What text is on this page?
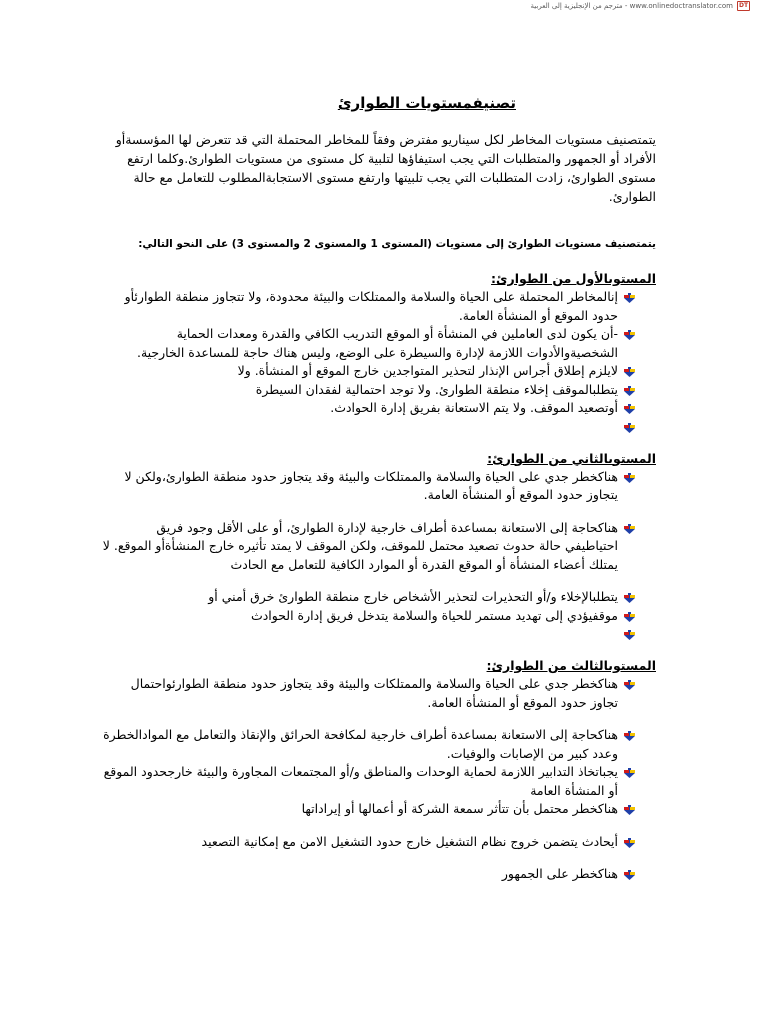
DT
www.onlinedoctranslator.com - مترجم من الإنجليزية إلى العربية
تصنيفمستويات الطوارئ

يتمتصنيف مستويات المخاطر لكل سيناريو مفترض وفقاً للمخاطر المحتملة التي قد تتعرض لها المؤسسةأو الأفراد أو الجمهور والمتطلبات التي يجب استيفاؤها لتلبية كل مستوى من مستويات الطوارئ.وكلما ارتفع مستوى الطوارئ، زادت المتطلبات التي يجب تلبيتها وارتفع مستوى الاستجابةالمطلوب للتعامل مع حالة الطوارئ.

يتمتصنيف مستويات الطوارئ إلى مستويات (المستوى 1 والمستوى 2 والمستوى 3) على النحو التالي:

المستوىالأول من الطوارئ:

إنالمخاطر المحتملة على الحياة والسلامة والممتلكات والبيئة محدودة، ولا تتجاوز منطقة الطوارئأو حدود الموقع أو المنشأة العامة.
-أن يكون لدى العاملين في المنشأة أو الموقع التدريب الكافي والقدرة ومعدات الحماية الشخصيةوالأدوات اللازمة لإدارة والسيطرة على الوضع، وليس هناك حاجة للمساعدة الخارجية.
لايلزم إطلاق أجراس الإنذار لتحذير المتواجدين خارج الموقع أو المنشأة. ولا
يتطلبالموقف إخلاء منطقة الطوارئ. ولا توجد احتمالية لفقدان السيطرة
أوتصعيد الموقف. ولا يتم الاستعانة بفريق إدارة الحوادث.

المستوىالثاني من الطوارئ:

هناكخطر جدي على الحياة والسلامة والممتلكات والبيئة وقد يتجاوز حدود منطقة الطوارئ،ولكن لا يتجاوز حدود الموقع أو المنشأة العامة.
هناكحاجة إلى الاستعانة بمساعدة أطراف خارجية لإدارة الطوارئ، أو على الأقل وجود فريق احتياطيفي حالة حدوث تصعيد محتمل للموقف، ولكن الموقف لا يمتد تأثيره خارج المنشأةأو الموقع. لا يمتلك أعضاء المنشأة أو الموقع القدرة أو الموارد الكافية للتعامل مع الحادث
يتطلبالإخلاء و/أو التحذيرات لتحذير الأشخاص خارج منطقة الطوارئ خرق أمني أو
موقفيؤدي إلى تهديد مستمر للحياة والسلامة يتدخل فريق إدارة الحوادث

المستوىالثالث من الطوارئ:

هناكخطر جدي على الحياة والسلامة والممتلكات والبيئة وقد يتجاوز حدود منطقة الطوارئواحتمال تجاوز حدود الموقع أو المنشأة العامة.
هناكحاجة إلى الاستعانة بمساعدة أطراف خارجية لمكافحة الحرائق والإنقاذ والتعامل مع الموادالخطرة وعدد كبير من الإصابات والوفيات.
يجباتخاذ التدابير اللازمة لحماية الوحدات والمناطق و/أو المجتمعات المجاورة والبيئة خارجحدود الموقع أو المنشأة العامة
هناكخطر محتمل بأن تتأثر سمعة الشركة أو أعمالها أو إيراداتها
أيحادث يتضمن خروج نظام التشغيل خارج حدود التشغيل الامن مع إمكانية التصعيد
هناكخطر على الجمهور
